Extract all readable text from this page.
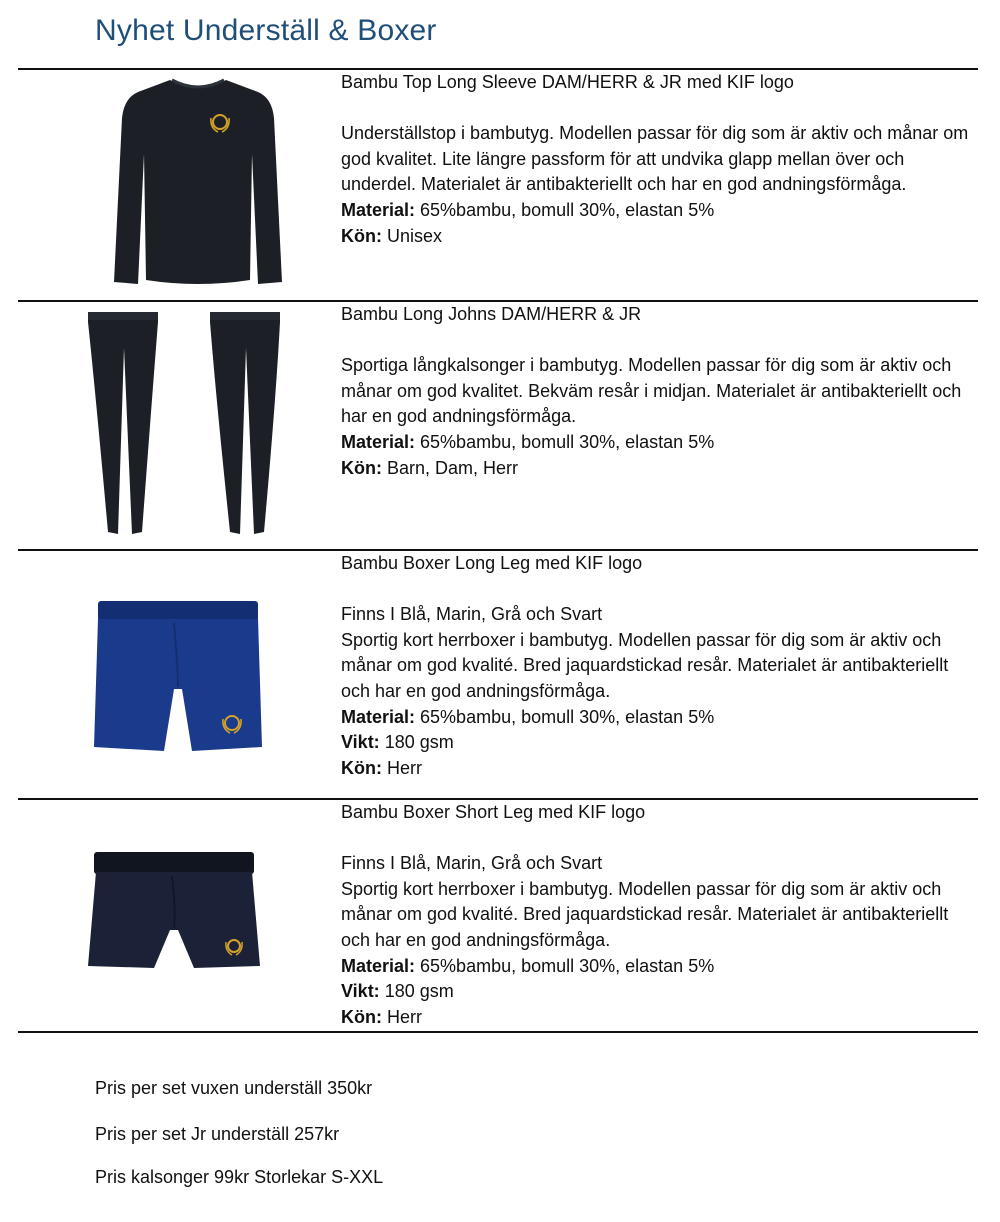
Nyhet Underställ & Boxer
Bambu Top Long Sleeve DAM/HERR & JR med KIF logo

Underställstop i bambutyg. Modellen passar för dig som är aktiv och månar om god kvalitet. Lite längre passform för att undvika glapp mellan över och underdel. Materialet är antibakteriellt och har en god andningsförmåga.

Material: 65%bambu, bomull 30%, elastan 5%

Kön: Unisex

Bambu Long Johns DAM/HERR & JR

Sportiga långkalsonger i bambutyg. Modellen passar för dig som är aktiv och månar om god kvalitet. Bekväm resår i midjan. Materialet är antibakteriellt och har en god andningsförmåga.

Material: 65%bambu, bomull 30%, elastan 5%

Kön: Barn, Dam, Herr

Bambu Boxer Long Leg med KIF logo

Finns I Blå, Marin, Grå och Svart

Sportig kort herrboxer i bambutyg. Modellen passar för dig som är aktiv och månar om god kvalité. Bred jaquardstickad resår. Materialet är antibakteriellt och har en god andningsförmåga.

Material: 65%bambu, bomull 30%, elastan 5%

Vikt: 180 gsm

Kön: Herr

Bambu Boxer Short Leg med KIF logo

Finns I Blå, Marin, Grå och Svart

Sportig kort herrboxer i bambutyg. Modellen passar för dig som är aktiv och månar om god kvalité. Bred jaquardstickad resår. Materialet är antibakteriellt och har en god andningsförmåga.

Material: 65%bambu, bomull 30%, elastan 5%

Vikt: 180 gsm

Kön: Herr

Pris per set vuxen underställ 350kr
Pris per set Jr underställ 257kr
Pris kalsonger 99kr Storlekar S-XXL
